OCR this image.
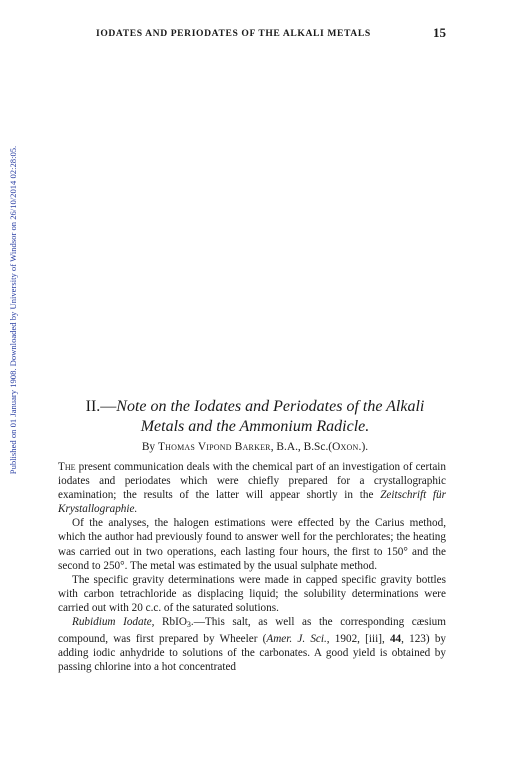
IODATES AND PERIODATES OF THE ALKALI METALS	15
Published on 01 January 1908. Downloaded by University of Windsor on 26/10/2014 02:28:05.	II.—Note on the Iodates and Periodates of the Alkali
Metals and the Ammonium Radicle.
By Thomas Vipond Barker, B.A., B.Sc.(Oxon.).

The present communication deals with the chemical part of an investigation of certain iodates and periodates which were chiefly prepared for a crystallographic examination; the results of the latter will appear shortly in the Zeitschrift für Krystallographie.

Of the analyses, the halogen estimations were effected by the Carius method, which the author had previously found to answer well for the perchlorates; the heating was carried out in two operations, each lasting four hours, the first to 150° and the second to 250°. The metal was estimated by the usual sulphate method.

The specific gravity determinations were made in capped specific gravity bottles with carbon tetrachloride as displacing liquid; the solubility determinations were carried out with 20 c.c. of the saturated solutions.

Rubidium Iodate, RbIO$_3$.—This salt, as well as the corresponding cæsium compound, was first prepared by Wheeler (Amer. J. Sci., 1902, [iii], 44, 123) by adding iodic anhydride to solutions of the carbonates. A good yield is obtained by passing chlorine into a hot concentrated
